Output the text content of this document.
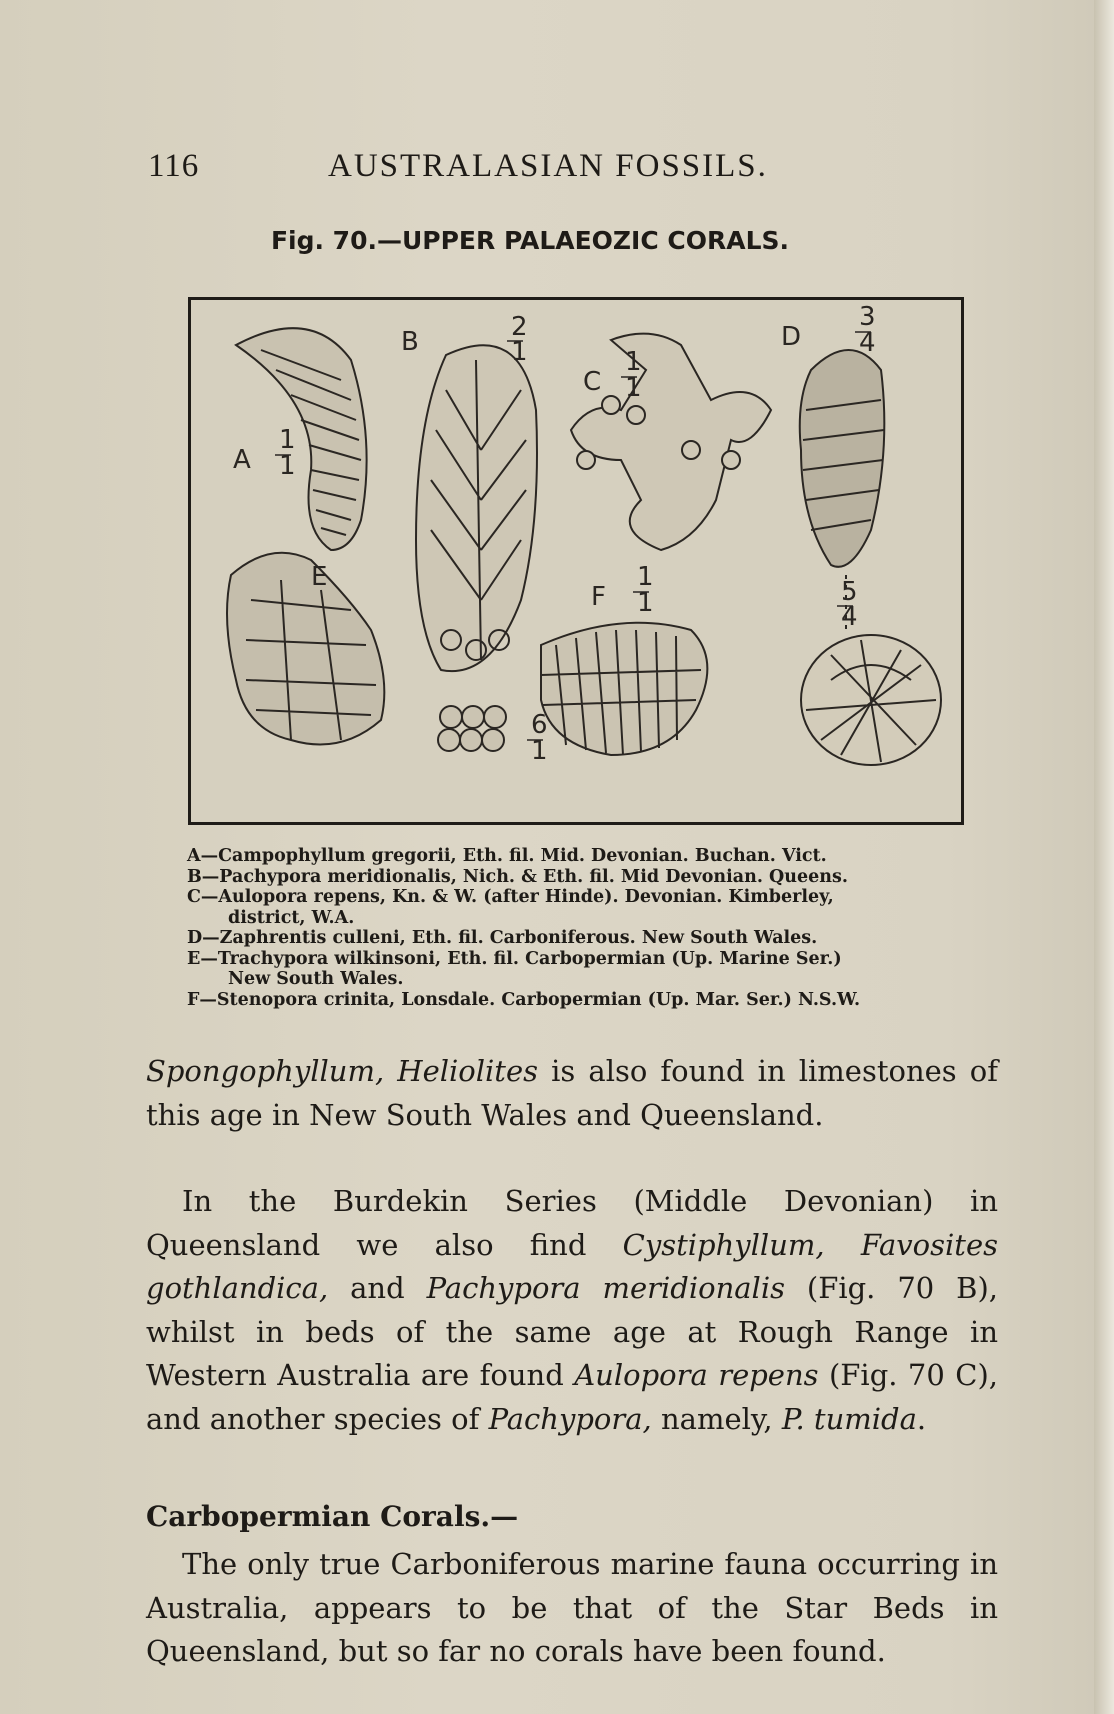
116	AUSTRALASIAN FOSSILS.
Fig. 70.—UPPER PALAEOZIC CORALS.
A
1
1
B	2
1
C
1
1
D
3
4
5
4
E
F
1
1
6
1
A—Campophyllum gregorii, Eth. fil. Mid. Devonian. Buchan. Vict.
B—Pachypora meridionalis, Nich. & Eth. fil. Mid Devonian. Queens.
C—Aulopora repens, Kn. & W. (after Hinde). Devonian. Kimberley,
district, W.A.
D—Zaphrentis culleni, Eth. fil. Carboniferous. New South Wales.
E—Trachypora wilkinsoni, Eth. fil. Carbopermian (Up. Marine Ser.)
New South Wales.
F—Stenopora crinita, Lonsdale. Carbopermian (Up. Mar. Ser.) N.S.W.
Spongophyllum, Heliolites is also found in limestones of this age in New South Wales and Queensland.
In the Burdekin Series (Middle Devonian) in Queensland we also find Cystiphyllum, Favosites gothlandica, and Pachypora meridionalis (Fig. 70 B), whilst in beds of the same age at Rough Range in Western Australia are found Aulopora repens (Fig. 70 C), and another species of Pachypora, namely, P. tumida.
Carbopermian Corals.—
The only true Carboniferous marine fauna occurring in Australia, appears to be that of the Star Beds in Queensland, but so far no corals have been found.
